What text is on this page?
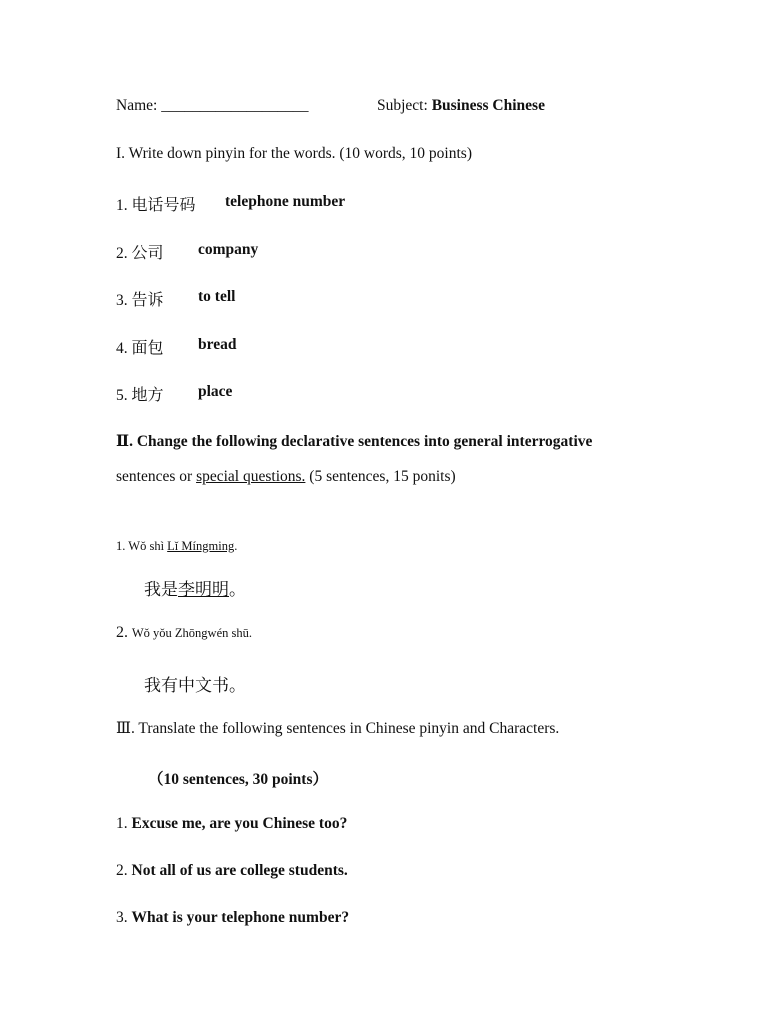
Name: ___________________	Subject: Business Chinese
I. Write down pinyin for the words. (10 words, 10 points)
1. 电话号码 telephone number
2. 公司 company
3. 告诉 to tell
4. 面包 bread
5. 地方 place
Ⅱ. Change the following declarative sentences into general interrogative
sentences or special questions. (5 sentences, 15 ponits)
1. Wǒ shì Lǐ Míngming.
我是李明明。
2. Wǒ yǒu Zhōngwén shū.
我有中文书。
Ⅲ. Translate the following sentences in Chinese pinyin and Characters.
（10 sentences, 30 points）
1. Excuse me, are you Chinese too?
2. Not all of us are college students.
3. What is your telephone number?
